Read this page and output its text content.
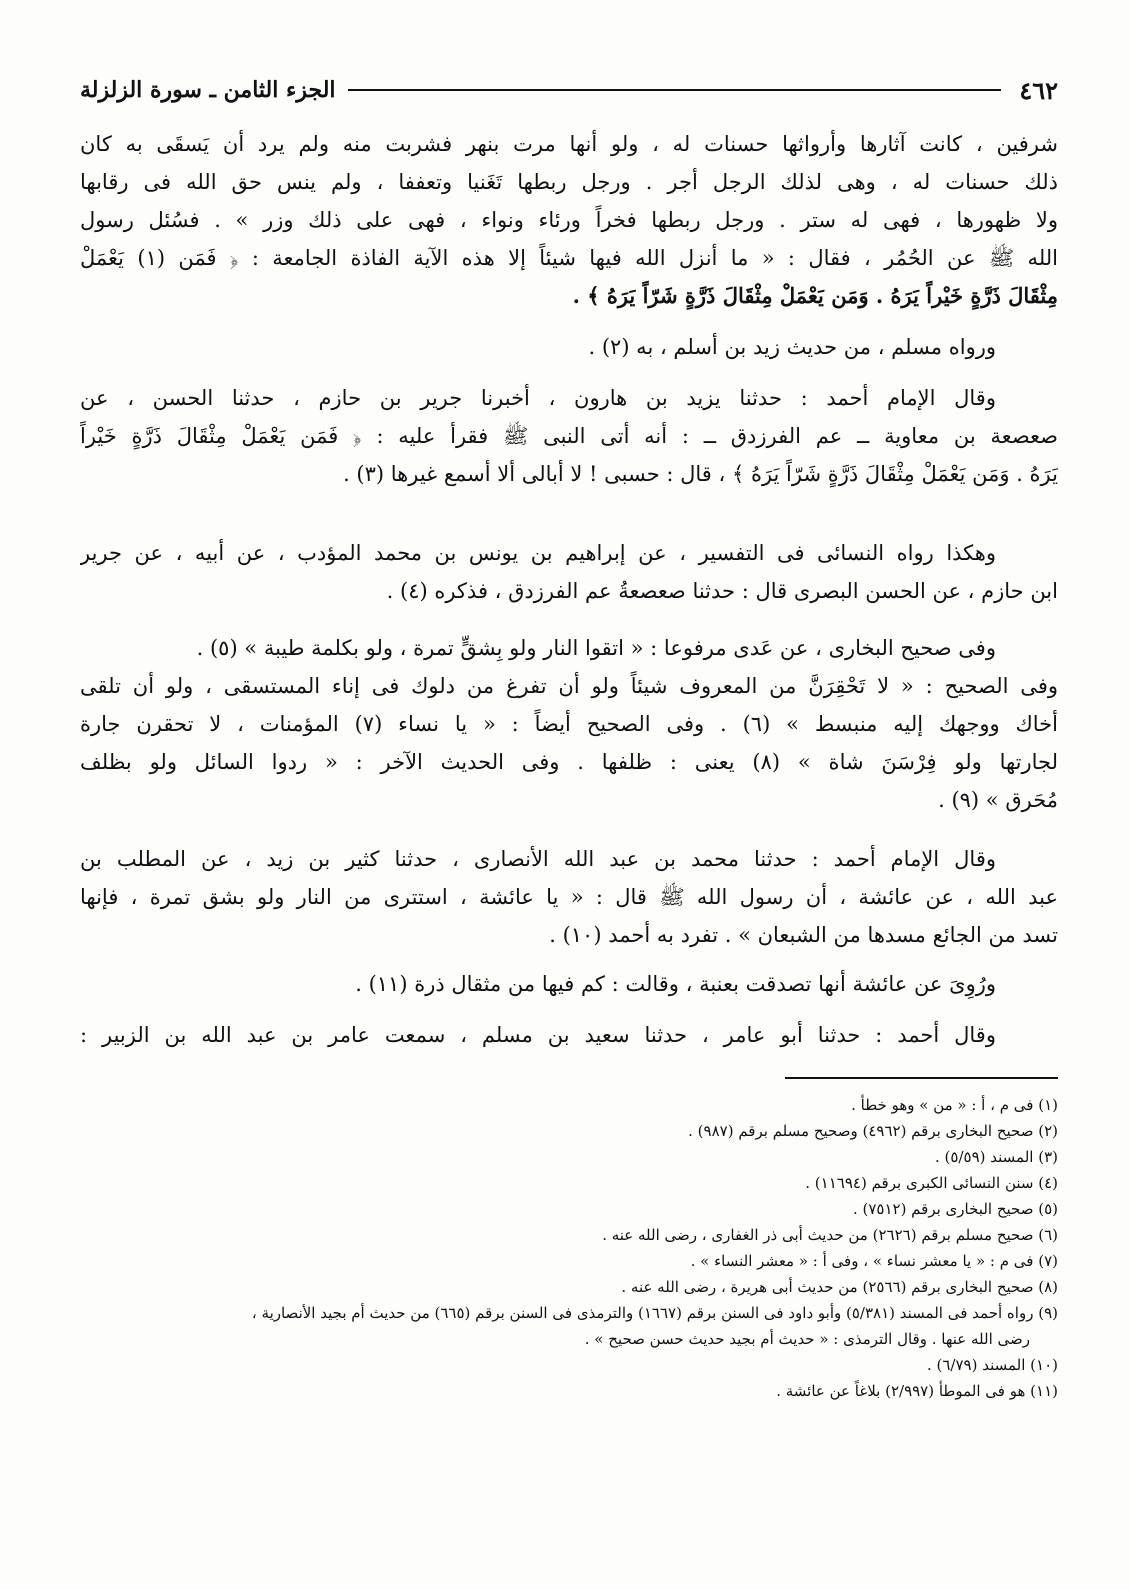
٤٦٢
الجزء الثامن ـ سورة الزلزلة
شرفين ، كانت آثارها وأرواثها حسنات له ، ولو أنها مرت بنهر فشربت منه ولم يرد أن يَسقَى به كان
ذلك حسنات له ، وهى لذلك الرجل أجر . ورجل ربطها تَغَنيا وتعففا ، ولم ينس حق الله فى رقابها
ولا ظهورها ، فهى له ستر . ورجل ربطها فخراً ورئاء ونواء ، فهى على ذلك وزر » . فسُئل رسول
الله ﷺ عن الحُمُر ، فقال : « ما أنزل الله فيها شيئاً إلا هذه الآية الفاذة الجامعة : ﴿ فَمَن (١) يَعْمَلْ
مِثْقَالَ ذَرَّةٍ خَيْراً يَرَهُ . وَمَن يَعْمَلْ مِثْقَالَ ذَرَّةٍ شَرّاً يَرَهُ ﴾ .
ورواه مسلم ، من حديث زيد بن أسلم ، به (٢) .
وقال الإمام أحمد : حدثنا يزيد بن هارون ، أخبرنا جرير بن حازم ، حدثنا الحسن ، عن
صعصعة بن معاوية ــ عم الفرزدق ــ : أنه أتى النبى ﷺ فقرأ عليه : ﴿ فَمَن يَعْمَلْ مِثْقَالَ ذَرَّةٍ خَيْراً
يَرَهُ . وَمَن يَعْمَلْ مِثْقَالَ ذَرَّةٍ شَرّاً يَرَهُ ﴾ ، قال : حسبى ! لا أبالى ألا أسمع غيرها (٣) .
وهكذا رواه النسائى فى التفسير ، عن إبراهيم بن يونس بن محمد المؤدب ، عن أبيه ، عن جرير
ابن حازم ، عن الحسن البصرى قال : حدثنا صعصعةُ عم الفرزدق ، فذكره (٤) .
وفى صحيح البخارى ، عن عَدى مرفوعا : « اتقوا النار ولو بِشقٍّ تمرة ، ولو بكلمة طيبة » (٥) .
وفى الصحيح : « لا تَحْقِرَنَّ من المعروف شيئاً ولو أن تفرغ من دلوك فى إناء المستسقى ، ولو أن تلقى
أخاك ووجهك إليه منبسط » (٦) . وفى الصحيح أيضاً : « يا نساء (٧) المؤمنات ، لا تحقرن جارة
لجارتها ولو فِرْسَنَ شاة » (٨) يعنى : ظلفها . وفى الحديث الآخر : « ردوا السائل ولو بظلف
مُحَرق » (٩) .
وقال الإمام أحمد : حدثنا محمد بن عبد الله الأنصارى ، حدثنا كثير بن زيد ، عن المطلب بن
عبد الله ، عن عائشة ، أن رسول الله ﷺ قال : « يا عائشة ، استترى من النار ولو بشق تمرة ، فإنها
تسد من الجائع مسدها من الشبعان » . تفرد به أحمد (١٠) .
ورُوِىَ عن عائشة أنها تصدقت بعنبة ، وقالت : كم فيها من مثقال ذرة (١١) .
وقال أحمد : حدثنا أبو عامر ، حدثنا سعيد بن مسلم ، سمعت عامر بن عبد الله بن الزبير :
(١) فى م ، أ : « من » وهو خطأ .
(٢) صحيح البخارى برقم (٤٩٦٢) وصحيح مسلم برقم (٩٨٧) .
(٣) المسند (٥/٥٩) .
(٤) سنن النسائى الكبرى برقم (١١٦٩٤) .
(٥) صحيح البخارى برقم (٧٥١٢) .
(٦) صحيح مسلم برقم (٢٦٢٦) من حديث أبى ذر الغفارى ، رضى الله عنه .
(٧) فى م : « يا معشر نساء » ، وفى أ : « معشر النساء » .
(٨) صحيح البخارى برقم (٢٥٦٦) من حديث أبى هريرة ، رضى الله عنه .
(٩) رواه أحمد فى المسند (٥/٣٨١) وأبو داود فى السنن برقم (١٦٦٧) والترمذى فى السنن برقم (٦٦٥) من حديث أم بجيد الأنصارية ،
رضى الله عنها . وقال الترمذى : « حديث أم بجيد حديث حسن صحيح » .
(١٠) المسند (٦/٧٩) .
(١١) هو فى الموطأ (٢/٩٩٧) بلاغاً عن عائشة .
